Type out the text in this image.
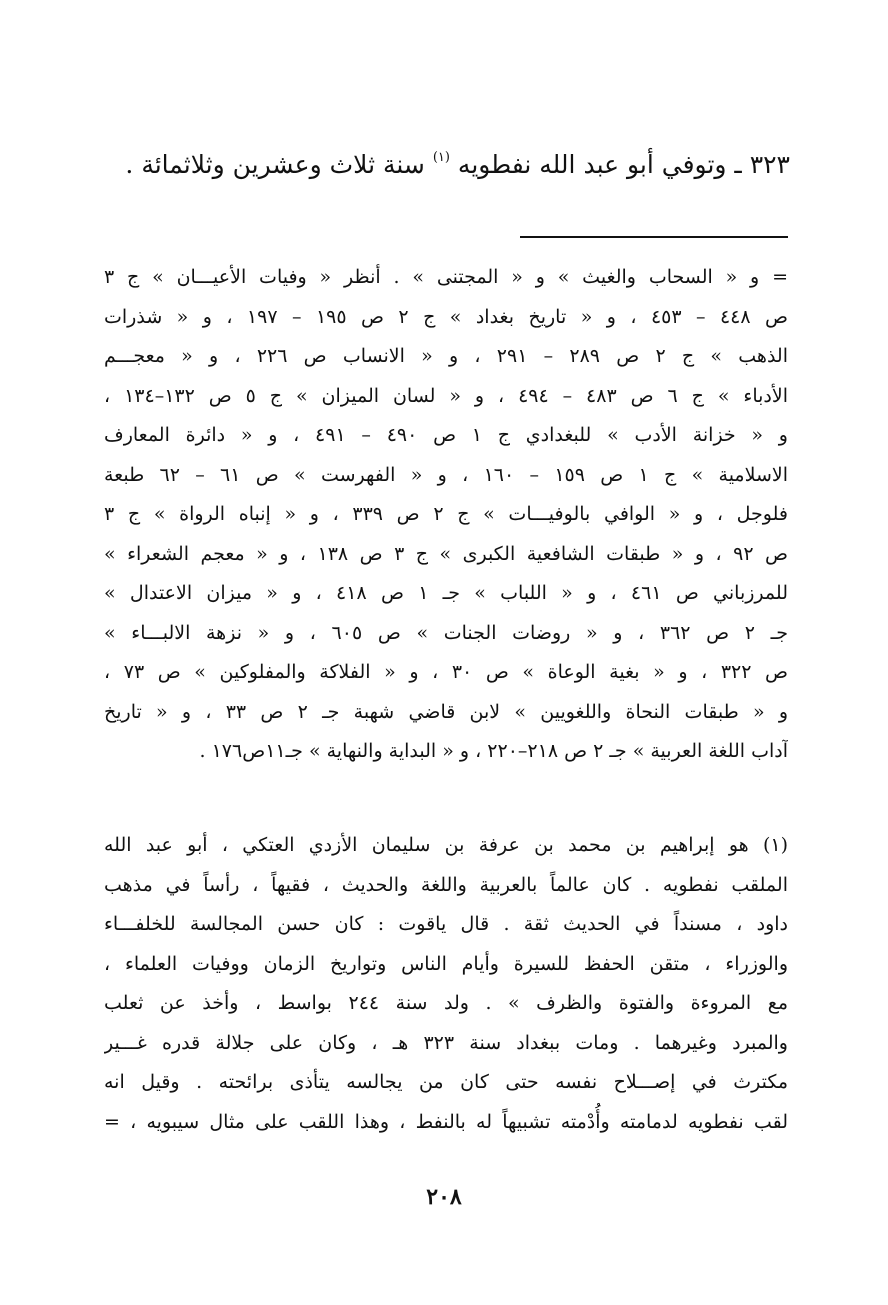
٣٢٣ ـ وتوفي أبو عبد الله نفطويه $^{(١)}$ سنة ثلاث وعشرين وثلاثمائة .
= و « السحاب والغيث » و « المجتنى » . أنظر « وفيات الأعيـــان » ج ٣
ص ٤٤٨ – ٤٥٣ ، و « تاريخ بغداد » ج ٢ ص ١٩٥ – ١٩٧ ، و « شذرات
الذهب » ج ٢ ص ٢٨٩ – ٢٩١ ، و « الانساب ص ٢٢٦ ، و « معجـــم
الأدباء » ج ٦ ص ٤٨٣ – ٤٩٤ ، و « لسان الميزان » ج ٥ ص ١٣٢–١٣٤ ،
و « خزانة الأدب » للبغدادي ج ١ ص ٤٩٠ – ٤٩١ ، و « دائرة المعارف
الاسلامية » ج ١ ص ١٥٩ – ١٦٠ ، و « الفهرست » ص ٦١ – ٦٢ طبعة
فلوجل ، و « الوافي بالوفيـــات » ج ٢ ص ٣٣٩ ، و « إنباه الرواة » ج ٣
ص ٩٢ ، و « طبقات الشافعية الكبرى » ج ٣ ص ١٣٨ ، و « معجم الشعراء »
للمرزباني ص ٤٦١ ، و « اللباب » جـ ١ ص ٤١٨ ، و « ميزان الاعتدال »
جـ ٢ ص ٣٦٢ ، و « روضات الجنات » ص ٦٠٥ ، و « نزهة الالبـــاء »
ص ٣٢٢ ، و « بغية الوعاة » ص ٣٠ ، و « الفلاكة والمفلوكين » ص ٧٣ ،
و « طبقات النحاة واللغويين » لابن قاضي شهبة جـ ٢ ص ٣٣ ، و « تاريخ
آداب اللغة العربية » جـ ٢ ص ٢١٨–٢٢٠ ، و « البداية والنهاية » جـ١١ص١٧٦ .
(١) هو إبراهيم بن محمد بن عرفة بن سليمان الأزدي العتكي ، أبو عبد الله
الملقب نفطويه . كان عالماً بالعربية واللغة والحديث ، فقيهاً ، رأساً في مذهب
داود ، مسنداً في الحديث ثقة . قال ياقوت : كان حسن المجالسة للخلفـــاء
والوزراء ، متقن الحفظ للسيرة وأيام الناس وتواريخ الزمان ووفيات العلماء ،
مع المروءة والفتوة والظرف » . ولد سنة ٢٤٤ بواسط ، وأخذ عن ثعلب
والمبرد وغيرهما . ومات ببغداد سنة ٣٢٣ هـ ، وكان على جلالة قدره غـــير
مكترث في إصـــلاح نفسه حتى كان من يجالسه يتأذى برائحته . وقيل انه
لقب نفطويه لدمامته وأُدْمته تشبيهاً له بالنفط ، وهذا اللقب على مثال سيبويه ، =
٢٠٨
